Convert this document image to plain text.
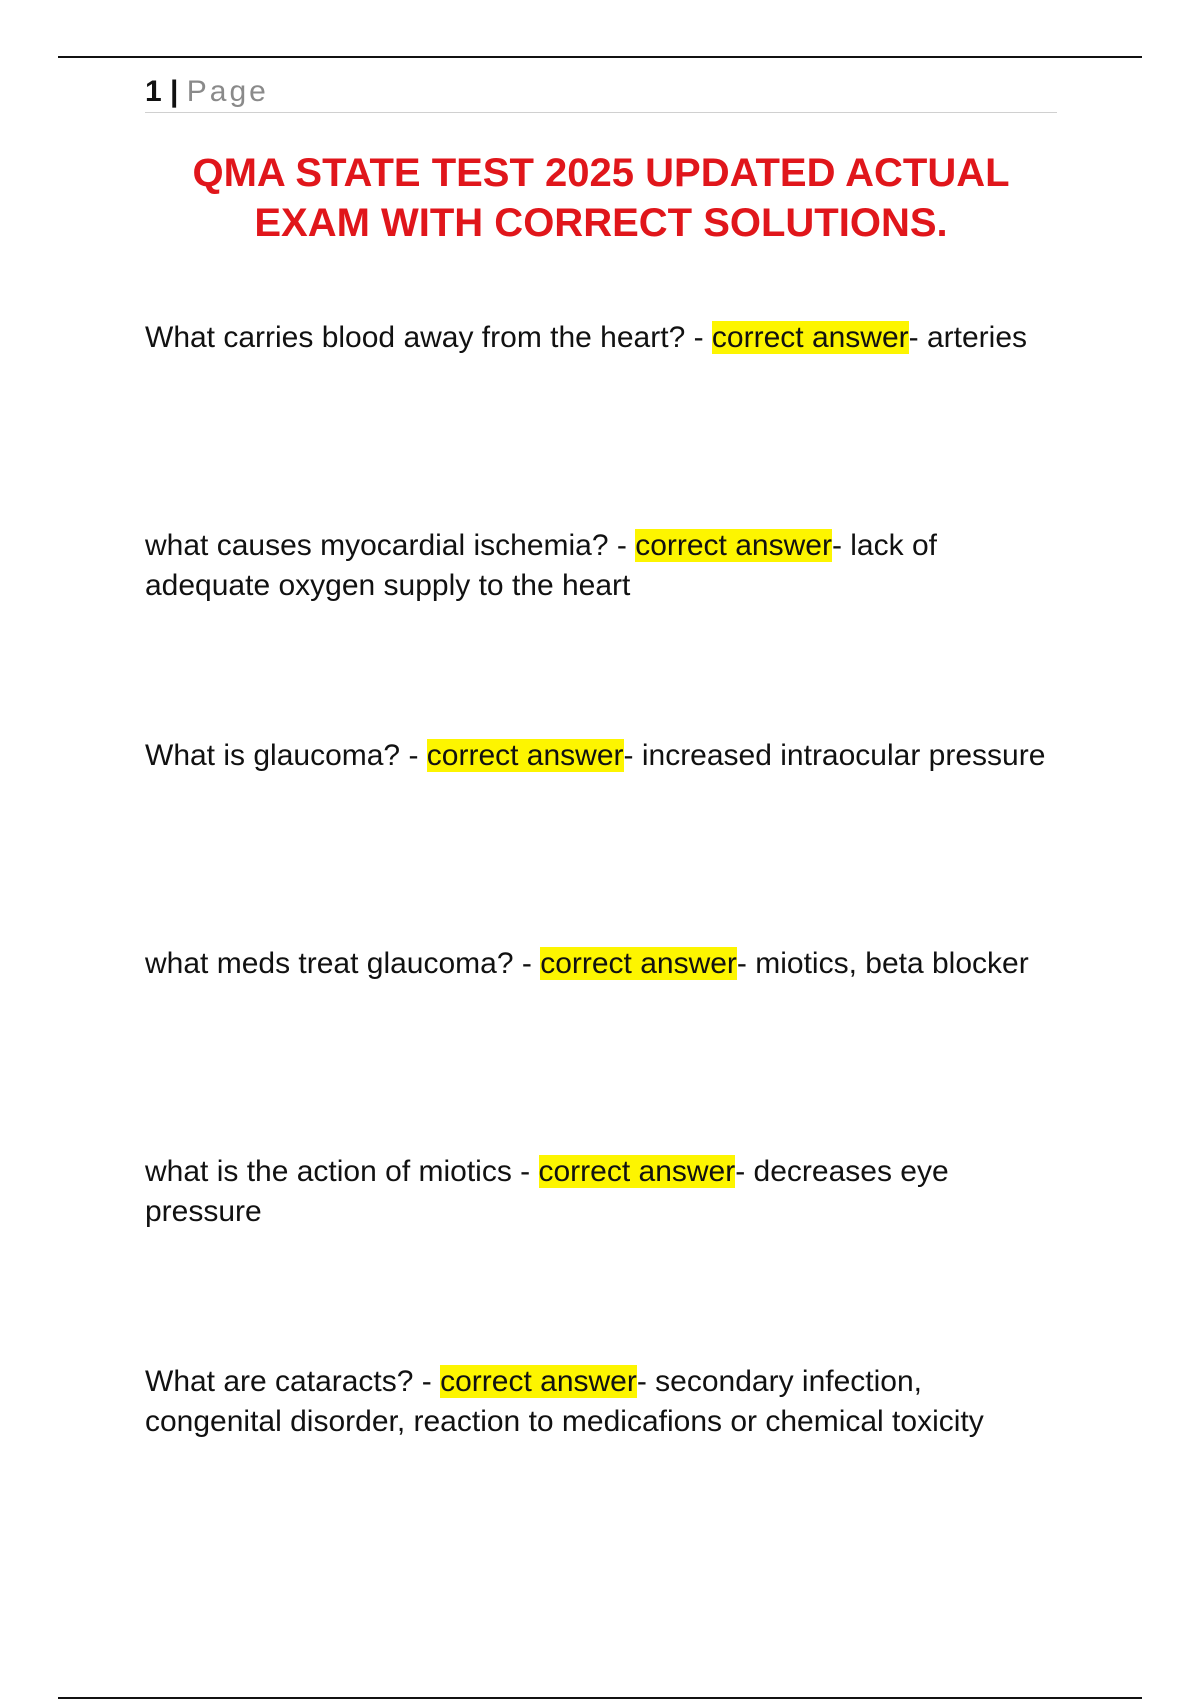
1 | Page
QMA STATE TEST 2025 UPDATED ACTUAL
EXAM WITH CORRECT SOLUTIONS.

What carries blood away from the heart? - correct answer- arteries

what causes myocardial ischemia? - correct answer- lack of adequate oxygen supply to the heart

What is glaucoma? - correct answer- increased intraocular pressure

what meds treat glaucoma? - correct answer- miotics, beta blocker

what is the action of miotics - correct answer- decreases eye pressure

What are cataracts? - correct answer- secondary infection, congenital disorder, reaction to medicafions or chemical toxicity
